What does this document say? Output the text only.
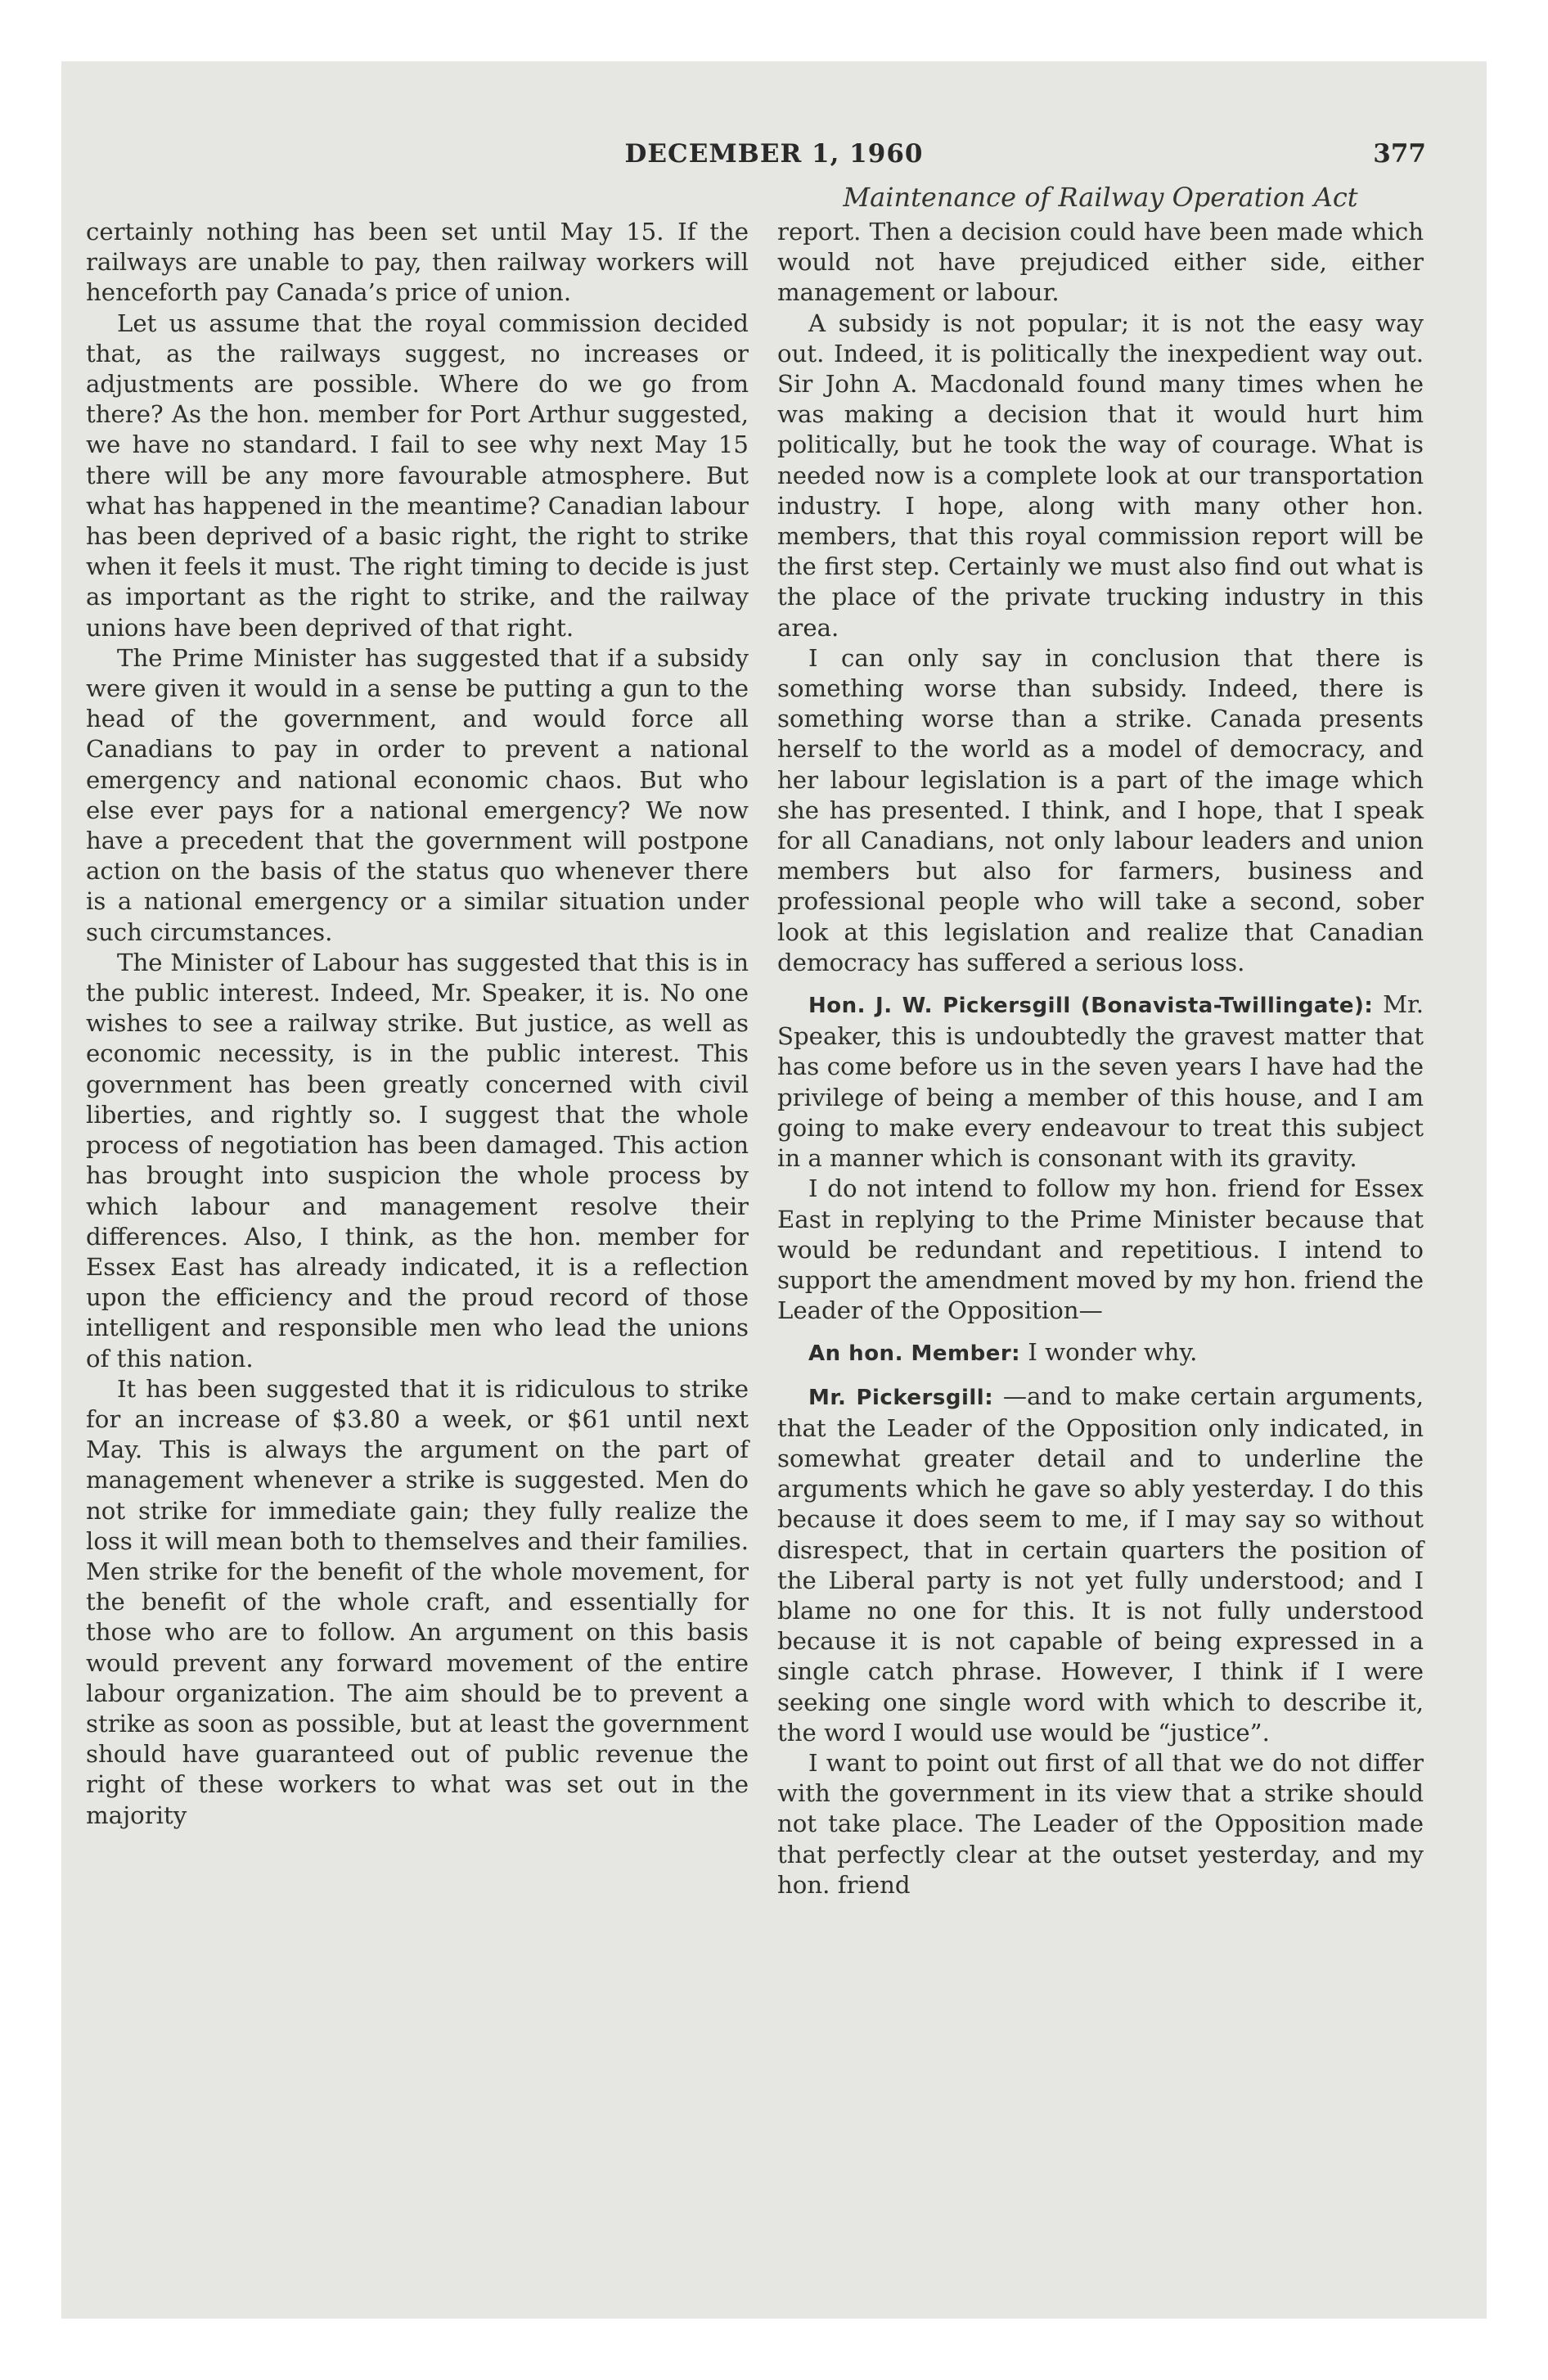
DECEMBER 1, 1960	377
Maintenance of Railway Operation Act

certainly nothing has been set until May 15. If the railways are unable to pay, then railway workers will henceforth pay Canada’s price of union.

Let us assume that the royal commission decided that, as the railways suggest, no increases or adjustments are possible. Where do we go from there? As the hon. member for Port Arthur suggested, we have no standard. I fail to see why next May 15 there will be any more favourable atmosphere. But what has happened in the meantime? Canadian labour has been deprived of a basic right, the right to strike when it feels it must. The right timing to decide is just as important as the right to strike, and the railway unions have been deprived of that right.

The Prime Minister has suggested that if a subsidy were given it would in a sense be putting a gun to the head of the government, and would force all Canadians to pay in order to prevent a national emergency and national economic chaos. But who else ever pays for a national emergency? We now have a precedent that the government will postpone action on the basis of the status quo whenever there is a national emergency or a similar situation under such circumstances.

The Minister of Labour has suggested that this is in the public interest. Indeed, Mr. Speaker, it is. No one wishes to see a railway strike. But justice, as well as economic necessity, is in the public interest. This government has been greatly concerned with civil liberties, and rightly so. I suggest that the whole process of negotiation has been damaged. This action has brought into suspicion the whole process by which labour and management resolve their differences. Also, I think, as the hon. member for Essex East has already indicated, it is a reflection upon the efficiency and the proud record of those intelligent and responsible men who lead the unions of this nation.

It has been suggested that it is ridiculous to strike for an increase of $3.80 a week, or $61 until next May. This is always the argument on the part of management whenever a strike is suggested. Men do not strike for immediate gain; they fully realize the loss it will mean both to themselves and their families. Men strike for the benefit of the whole movement, for the benefit of the whole craft, and essentially for those who are to follow. An argument on this basis would prevent any forward movement of the entire labour organization. The aim should be to prevent a strike as soon as possible, but at least the government should have guaranteed out of public revenue the right of these workers to what was set out in the majority

report. Then a decision could have been made which would not have prejudiced either side, either management or labour.

A subsidy is not popular; it is not the easy way out. Indeed, it is politically the inexpedient way out. Sir John A. Macdonald found many times when he was making a decision that it would hurt him politically, but he took the way of courage. What is needed now is a complete look at our transportation industry. I hope, along with many other hon. members, that this royal commission report will be the first step. Certainly we must also find out what is the place of the private trucking industry in this area.

I can only say in conclusion that there is something worse than subsidy. Indeed, there is something worse than a strike. Canada presents herself to the world as a model of democracy, and her labour legislation is a part of the image which she has presented. I think, and I hope, that I speak for all Canadians, not only labour leaders and union members but also for farmers, business and professional people who will take a second, sober look at this legislation and realize that Canadian democracy has suffered a serious loss.

Hon. J. W. Pickersgill (Bonavista-Twillingate): Mr. Speaker, this is undoubtedly the gravest matter that has come before us in the seven years I have had the privilege of being a member of this house, and I am going to make every endeavour to treat this subject in a manner which is consonant with its gravity.

I do not intend to follow my hon. friend for Essex East in replying to the Prime Minister because that would be redundant and repetitious. I intend to support the amendment moved by my hon. friend the Leader of the Opposition—

An hon. Member: I wonder why.

Mr. Pickersgill: —and to make certain arguments, that the Leader of the Opposition only indicated, in somewhat greater detail and to underline the arguments which he gave so ably yesterday. I do this because it does seem to me, if I may say so without disrespect, that in certain quarters the position of the Liberal party is not yet fully understood; and I blame no one for this. It is not fully understood because it is not capable of being expressed in a single catch phrase. However, I think if I were seeking one single word with which to describe it, the word I would use would be “justice”.

I want to point out first of all that we do not differ with the government in its view that a strike should not take place. The Leader of the Opposition made that perfectly clear at the outset yesterday, and my hon. friend
